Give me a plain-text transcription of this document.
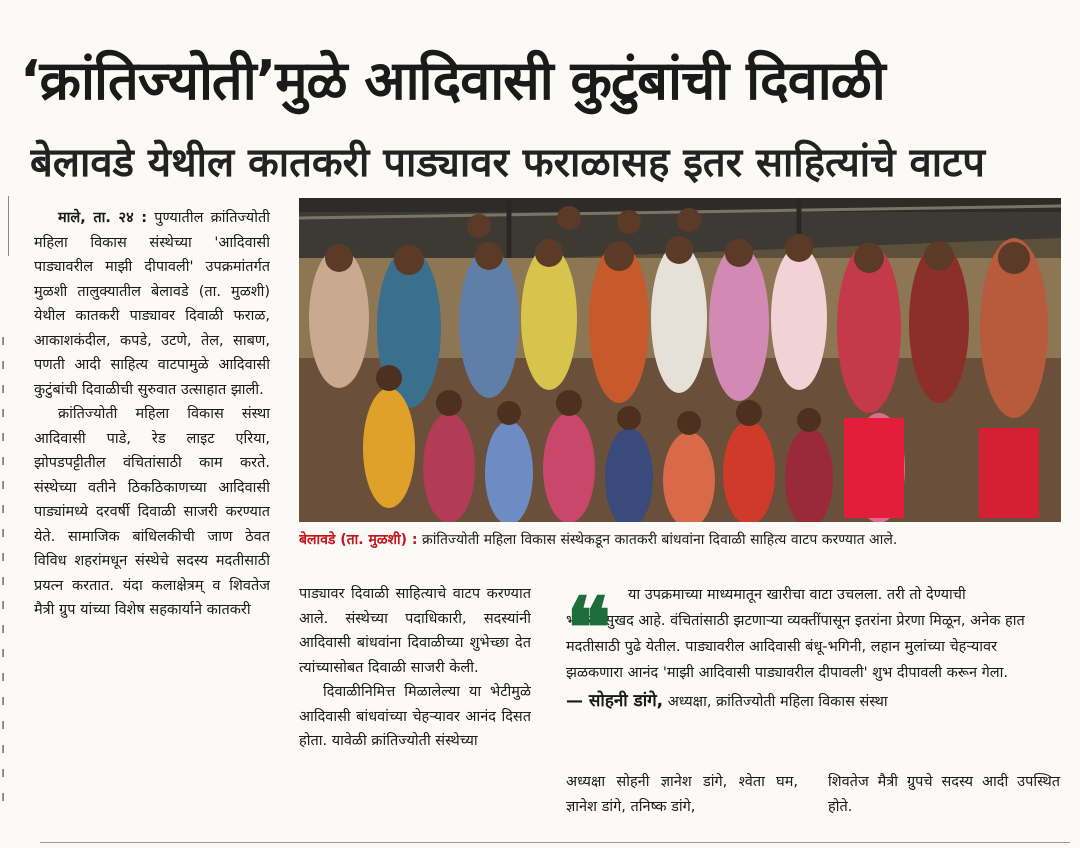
।
।
।
।
।
।
।
।
।
।
।
।
।
।
।
।
।
।
।
।
‘क्रांतिज्योती’मुळे आदिवासी कुटुंबांची दिवाळी
बेलावडे येथील कातकरी पाड्यावर फराळासह इतर साहित्यांचे वाटप

माले, ता. २४ : पुण्यातील क्रांतिज्योती महिला विकास संस्थेच्या 'आदिवासी पाड्यावरील माझी दीपावली' उपक्रमांतर्गत मुळशी तालुक्यातील बेलावडे (ता. मुळशी) येथील कातकरी पाड्यावर दिवाळी फराळ, आकाशकंदील, कपडे, उटणे, तेल, साबण, पणती आदी साहित्य वाटपामुळे आदिवासी कुटुंबांची दिवाळीची सुरुवात उत्साहात झाली.

क्रांतिज्योती महिला विकास संस्था आदिवासी पाडे, रेड लाइट एरिया, झोपडपट्टीतील वंचितांसाठी काम करते. संस्थेच्या वतीने ठिकठिकाणच्या आदिवासी पाड्यांमध्ये दरवर्षी दिवाळी साजरी करण्यात येते. सामाजिक बांधिलकीची जाण ठेवत विविध शहरांमधून संस्थेचे सदस्य मदतीसाठी प्रयत्न करतात. यंदा कलाक्षेत्रम् व शिवतेज मैत्री ग्रुप यांच्या विशेष सहकार्याने कातकरी

बेलावडे (ता. मुळशी) : क्रांतिज्योती महिला विकास संस्थेकडून कातकरी बांधवांना दिवाळी साहित्य वाटप करण्यात आले.

पाड्यावर दिवाळी साहित्याचे वाटप करण्यात आले. संस्थेच्या पदाधिकारी, सदस्यांनी आदिवासी बांधवांना दिवाळीच्या शुभेच्छा देत त्यांच्यासोबत दिवाळी साजरी केली.

दिवाळीनिमित्त मिळालेल्या या भेटीमुळे आदिवासी बांधवांच्या चेहऱ्यावर आनंद दिसत होता. यावेळी क्रांतिज्योती संस्थेच्या

❝	या उपक्रमाच्या माध्यमातून खारीचा वाटा उचलला. तरी तो देण्याची
भावना सुखद आहे. वंचितांसाठी झटणाऱ्या व्यक्तींपासून इतरांना प्रेरणा मिळून, अनेक हात मदतीसाठी पुढे येतील. पाड्यावरील आदिवासी बंधू-भगिनी, लहान मुलांच्या चेहऱ्यावर झळकणारा आनंद 'माझी आदिवासी पाड्यावरील दीपावली' शुभ दीपावली करून गेला.

— सोहनी डांगे, अध्यक्षा, क्रांतिज्योती महिला विकास संस्था

अध्यक्षा सोहनी ज्ञानेश डांगे, श्वेता घम, ज्ञानेश डांगे, तनिष्क डांगे,

शिवतेज मैत्री ग्रुपचे सदस्य आदी उपस्थित होते.
